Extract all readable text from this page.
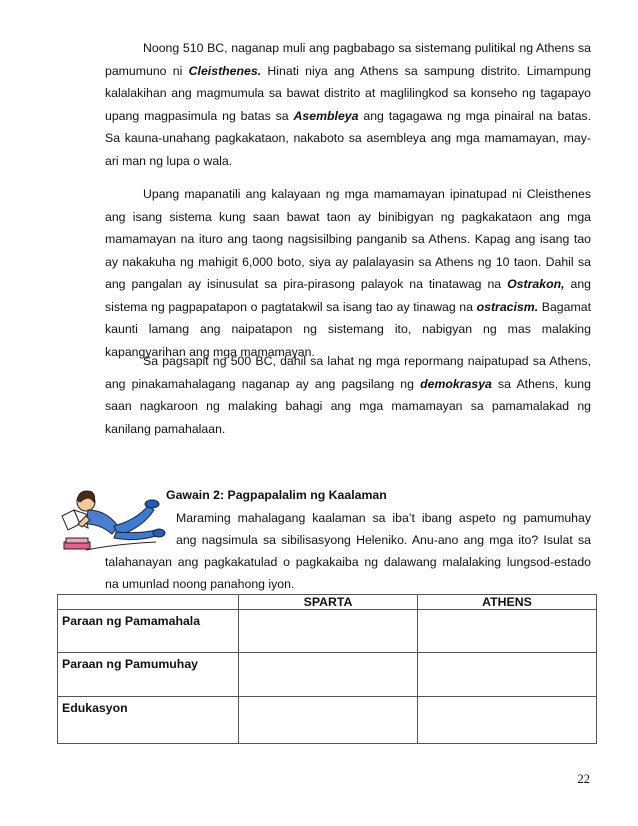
Noong 510 BC, naganap muli ang pagbabago sa sistemang pulitikal ng Athens sa pamumuno ni Cleisthenes. Hinati niya ang Athens sa sampung distrito. Limampung kalalakihan ang magmumula sa bawat distrito at maglilingkod sa konseho ng tagapayo upang magpasimula ng batas sa Asembleya ang tagagawa ng mga pinairal na batas. Sa kauna-unahang pagkakataon, nakaboto sa asembleya ang mga mamamayan, may-ari man ng lupa o wala.

Upang mapanatili ang kalayaan ng mga mamamayan ipinatupad ni Cleisthenes ang isang sistema kung saan bawat taon ay binibigyan ng pagkakataon ang mga mamamayan na ituro ang taong nagsisilbing panganib sa Athens. Kapag ang isang tao ay nakakuha ng mahigit 6,000 boto, siya ay palalayasin sa Athens ng 10 taon. Dahil sa ang pangalan ay isinusulat sa pira-pirasong palayok na tinatawag na Ostrakon, ang sistema ng pagpapatapon o pagtatakwil sa isang tao ay tinawag na ostracism. Bagamat kaunti lamang ang naipatapon ng sistemang ito, nabigyan ng mas malaking kapangyarihan ang mga mamamayan.

Sa pagsapit ng 500 BC, dahil sa lahat ng mga repormang naipatupad sa Athens, ang pinakamahalagang naganap ay ang pagsilang ng demokrasya sa Athens, kung saan nagkaroon ng malaking bahagi ang mga mamamayan sa pamamalakad ng kanilang pamahalaan.

Gawain 2: Pagpapalalim ng Kaalaman

Maraming mahalagang kaalaman sa iba’t ibang aspeto ng pamumuhay

ang nagsimula sa sibilisasyong Heleniko. Anu-ano ang mga ito? Isulat sa

talahanayan ang pagkakatulad o pagkakaiba ng dalawang malalaking lungsod-estado

na umunlad noong panahong iyon.

	SPARTA	ATHENS
Paraan ng Pamamahala		
Paraan ng Pamumuhay		
Edukasyon		
22
